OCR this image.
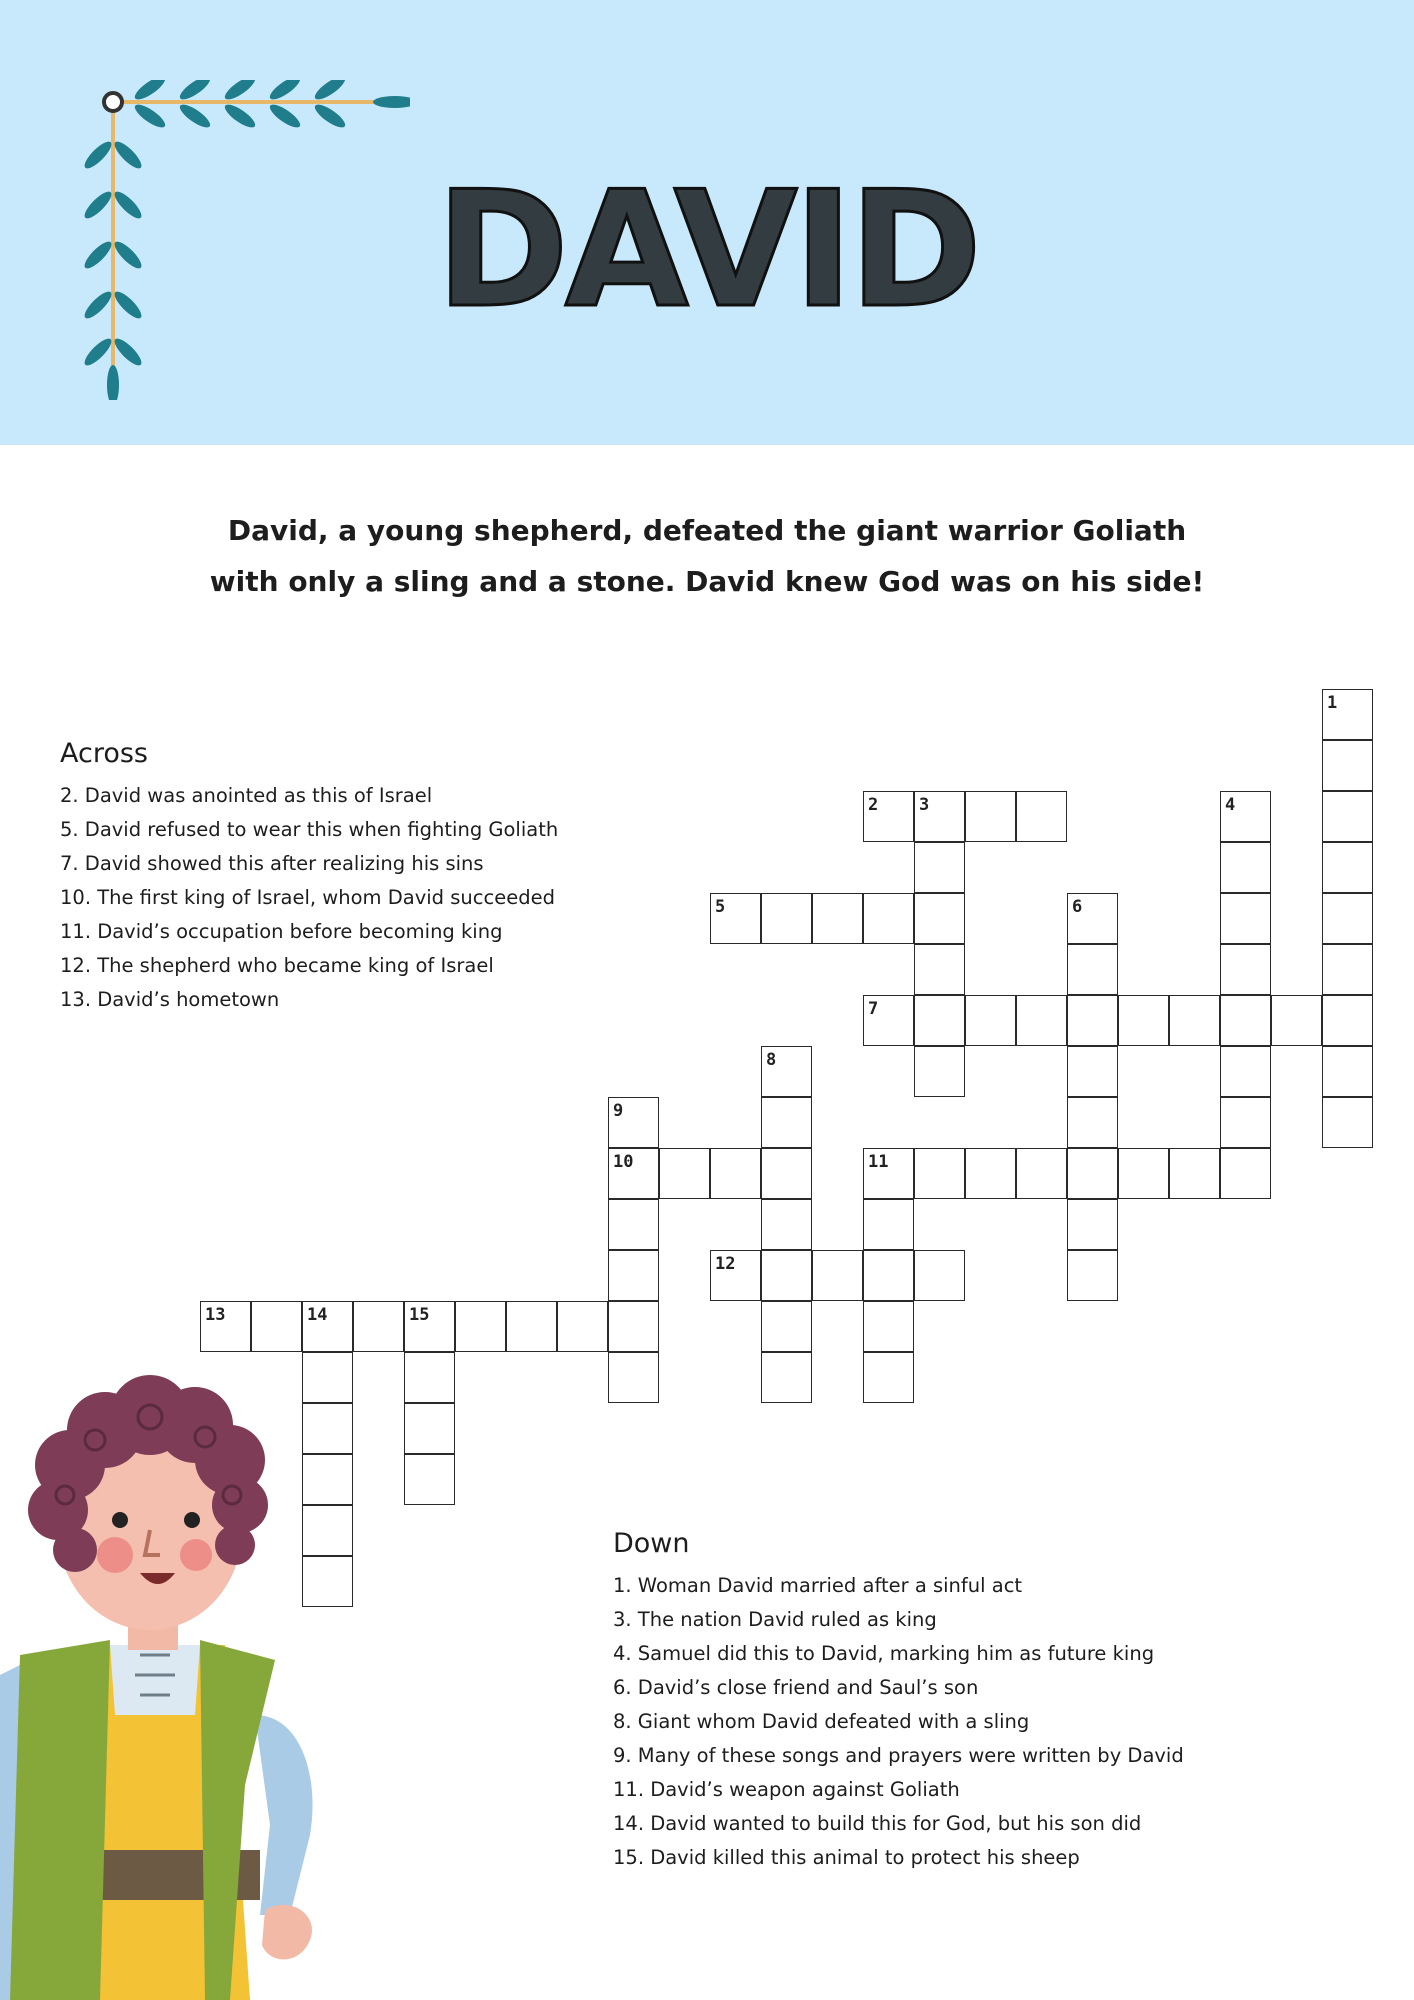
DAVID

David, a young shepherd, defeated the giant warrior Goliath

with only a sling and a stone. David knew God was on his side!

Across
2. David was anointed as this of Israel
5. David refused to wear this when fighting Goliath
7. David showed this after realizing his sins
10. The first king of Israel, whom David succeeded
11. David’s occupation before becoming king
12. The shepherd who became king of Israel
13. David’s hometown
Down
1. Woman David married after a sinful act
3. The nation David ruled as king
4. Samuel did this to David, marking him as future king
6. David’s close friend and Saul’s son
8. Giant whom David defeated with a sling
9. Many of these songs and prayers were written by David
11. David’s weapon against Goliath
14. David wanted to build this for God, but his son did
15. David killed this animal to protect his sheep
1
2 3	4
5	6
7
8
9
10	11
12
13	14	15
